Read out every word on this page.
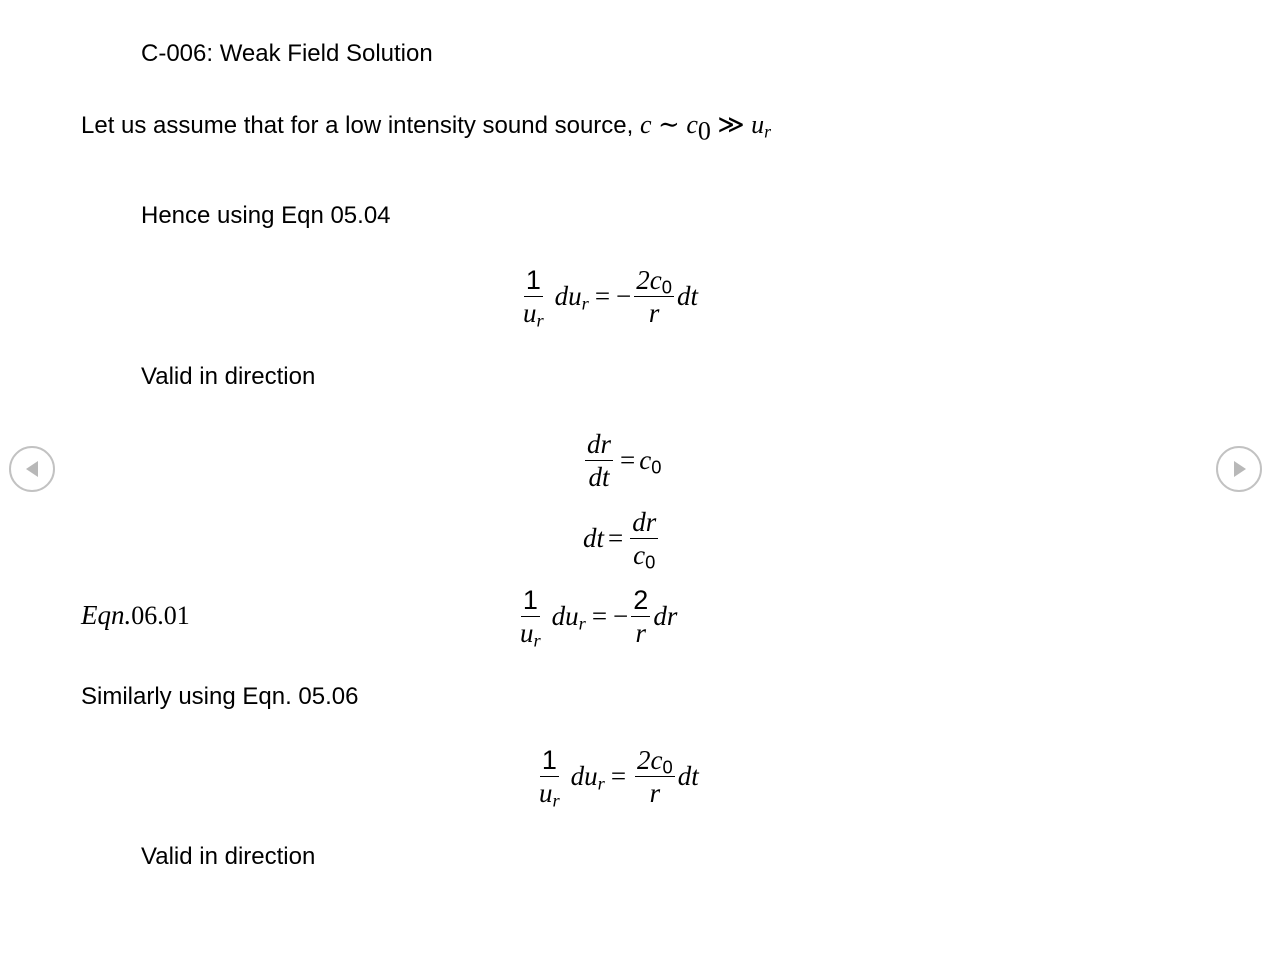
C-006: Weak Field Solution
Let us assume that for a low intensity sound source, c ∼ $c_0$ ≫ $u_r$
Hence using Eqn 05.04
$\frac{1}{u_r} du_r$ = − $\frac{2c_0}{r}$ dt
Valid in direction
$\frac{dr}{dt} = c_0$
dt = $\frac{dr}{c_0}$
Eqn.06.01	$\frac{1}{u_r} du_r$ = − $\frac{2}{r}$ dr
Similarly using Eqn. 05.06
$\frac{1}{u_r} du_r = \frac{2c_0}{r}$ dt
Valid in direction
